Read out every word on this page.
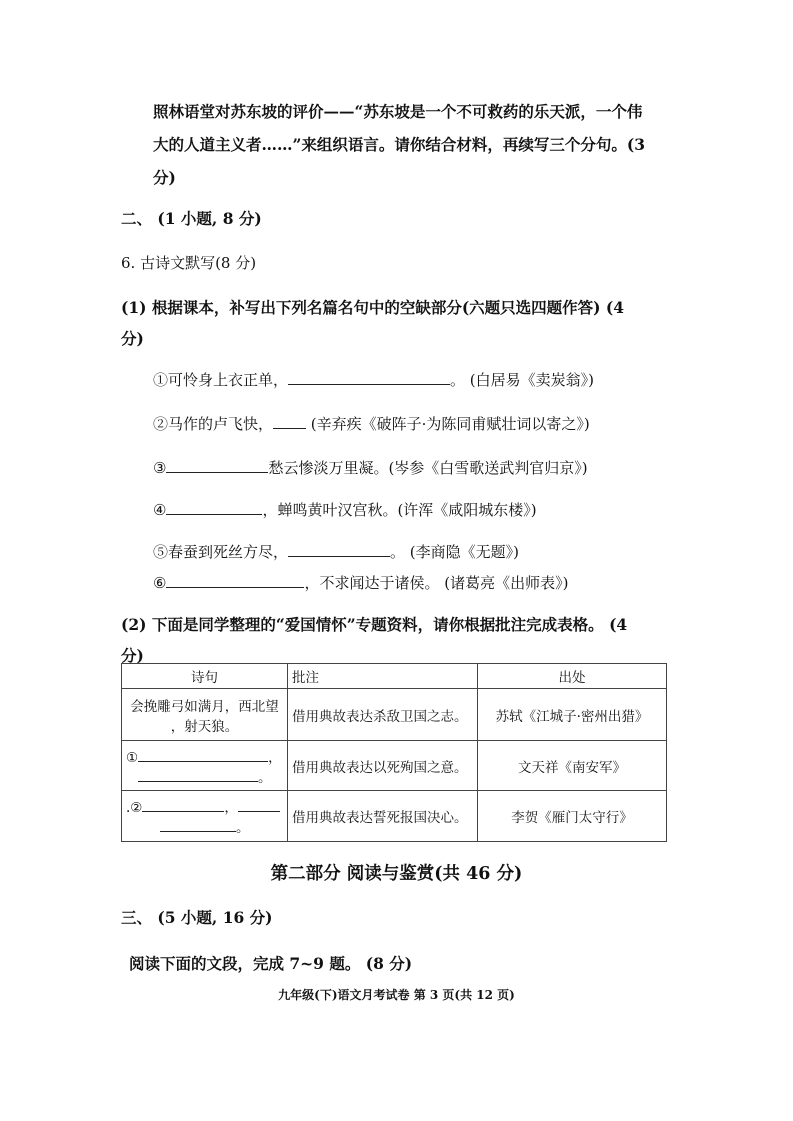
照林语堂对苏东坡的评价——“苏东坡是一个不可救药的乐天派，一个伟
大的人道主义者……”来组织语言。请你结合材料，再续写三个分句。(3
分)
二、 (1 小题, 8 分)
6. 古诗文默写(8 分)
(1) 根据课本，补写出下列名篇名句中的空缺部分(六题只选四题作答) (4
分)
①可怜身上衣正单，	。 (白居易《卖炭翁》)
②马作的卢飞快，	(辛弃疾《破阵子·为陈同甫赋壮词以寄之》)
③	愁云惨淡万里凝。(岑参《白雪歌送武判官归京》)
④	，蝉鸣黄叶汉宫秋。(许浑《咸阳城东楼》)
⑤春蚕到死丝方尽，	。 (李商隐《无题》)
⑥	，不求闻达于诸侯。 (诸葛亮《出师表》)
(2) 下面是同学整理的“爱国情怀”专题资料，请你根据批注完成表格。 (4
分)
诗句	批注	出处

会挽雕弓如满月，西北望
，射天狼。	借用典故表达杀敌卫国之志。	苏轼《江城子·密州出猎》

① ，
。	借用典故表达以死殉国之意。	文天祥《南安军》

.② ，
。	借用典故表达誓死报国决心。	李贺《雁门太守行》
第二部分 阅读与鉴赏(共 46 分)
三、 (5 小题, 16 分)
阅读下面的文段，完成 7~9 题。 (8 分)
九年级(下)语文月考试卷 第 3 页(共 12 页)
